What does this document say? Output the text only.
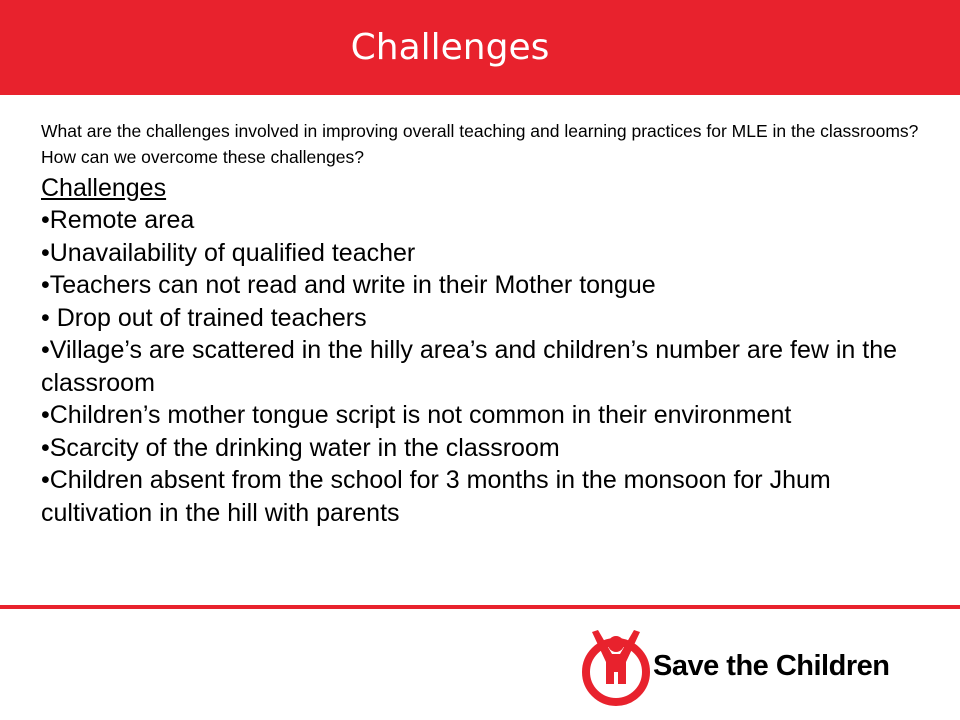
Challenges

What are the challenges involved in improving overall teaching and learning practices for MLE in the classrooms? How can we overcome these challenges?

Challenges

•Remote area
•Unavailability of qualified teacher
•Teachers can not read and write in their Mother tongue
• Drop out of trained teachers
•Village’s are scattered in the hilly area’s and children’s number are few in the classroom
•Children’s mother tongue script is not common in their environment
•Scarcity of the drinking water in the classroom
•Children absent from the school for 3 months in the monsoon for Jhum cultivation in the hill with parents
Save the Children
